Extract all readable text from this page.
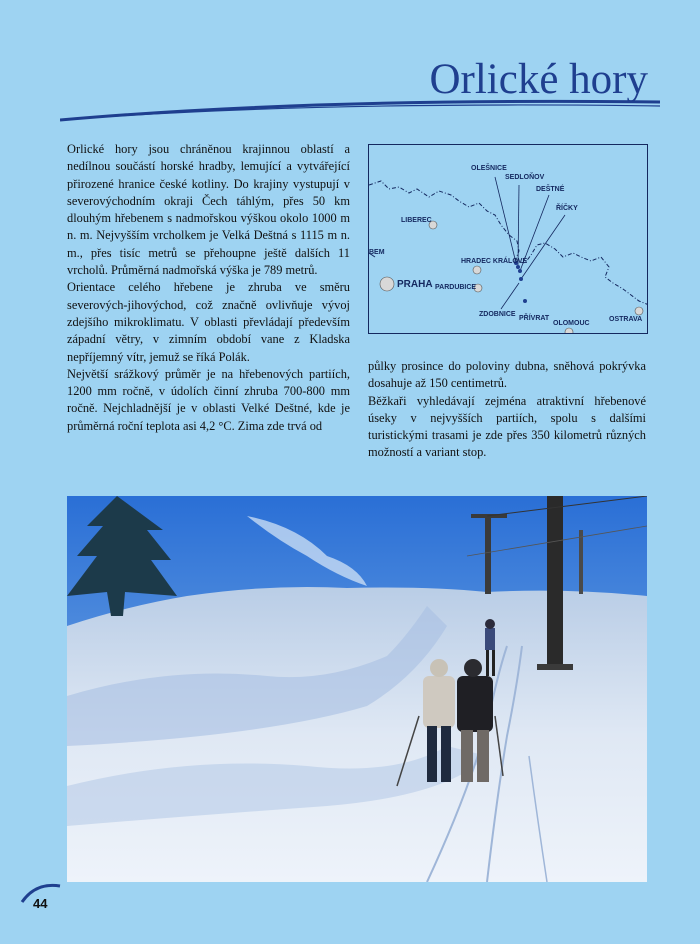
Orlické hory

Orlické hory jsou chráněnou krajinnou oblastí a nedílnou součástí horské hradby, lemující a vytvářející přirozené hranice české kotliny. Do krajiny vystupují v severovýchodním okraji Čech táhlým, přes 50 km dlouhým hřebenem s nadmořskou výškou okolo 1000 m n. m. Nejvyšším vrcholkem je Velká Deštná s 1115 m n. m., přes tisíc metrů se přehoupne ještě dalších 11 vrcholů. Průměrná nadmořská výška je 789 metrů.

Orientace celého hřebene je zhruba ve směru severových-jihovýchod, což značně ovlivňuje vývoj zdejšího mikroklimatu. V oblasti převládají především západní větry, v zimním období vane z Kladska nepříjemný vítr, jemuž se říká Polák.

Největší srážkový průměr je na hřebenových partiích, 1200 mm ročně, v údolích činní zhruba 700-800 mm ročně. Nejchladnější je v oblasti Velké Deštné, kde je průměrná roční teplota asi 4,2 °C. Zima zde trvá od

OLEŠNICE
SEDLOŇOV
DEŠTNÉ
ŘÍČKY
LIBEREC
BEM
HRADEC KRÁLOVÉ
PRAHA PARDUBICE
ZDOBNICE
PŘÍVRAT
OLOMOUC
OSTRAVA

půlky prosince do poloviny dubna, sněhová pokrývka dosahuje až 150 centimetrů.

Běžkaři vyhledávají zejména atraktivní hřebenové úseky v nejvyšších partiích, spolu s dalšími turistickými trasami je zde přes 350 kilometrů různých možností a variant stop.

44
